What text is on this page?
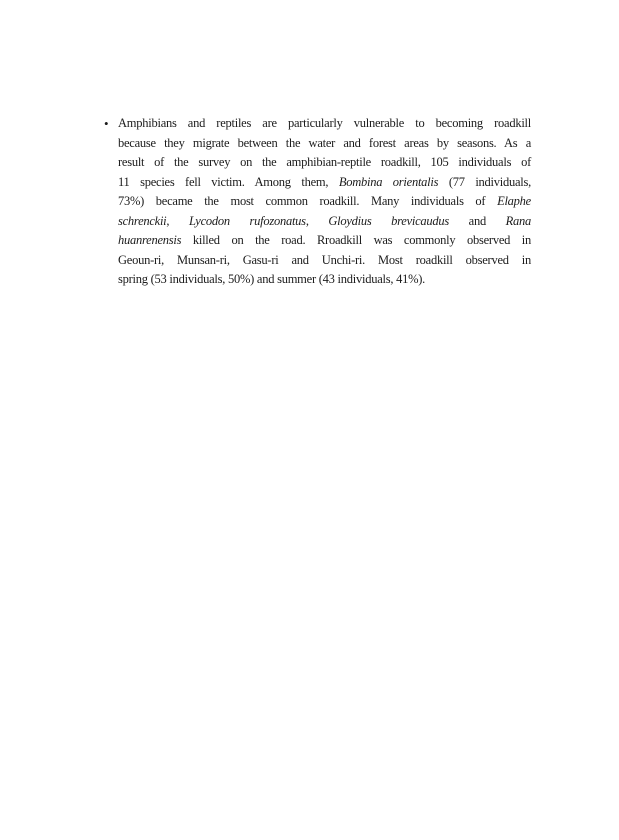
• Amphibians and reptiles are particularly vulnerable to becoming roadkill
because they migrate between the water and forest areas by seasons. As a
result of the survey on the amphibian-reptile roadkill, 105 individuals of
11 species fell victim. Among them, Bombina orientalis (77 individuals,
73%) became the most common roadkill. Many individuals of Elaphe
schrenckii, Lycodon rufozonatus, Gloydius brevicaudus and Rana
huanrenensis killed on the road. Rroadkill was commonly observed in
Geoun-ri, Munsan-ri, Gasu-ri and Unchi-ri. Most roadkill observed in
spring (53 individuals, 50%) and summer (43 individuals, 41%).
